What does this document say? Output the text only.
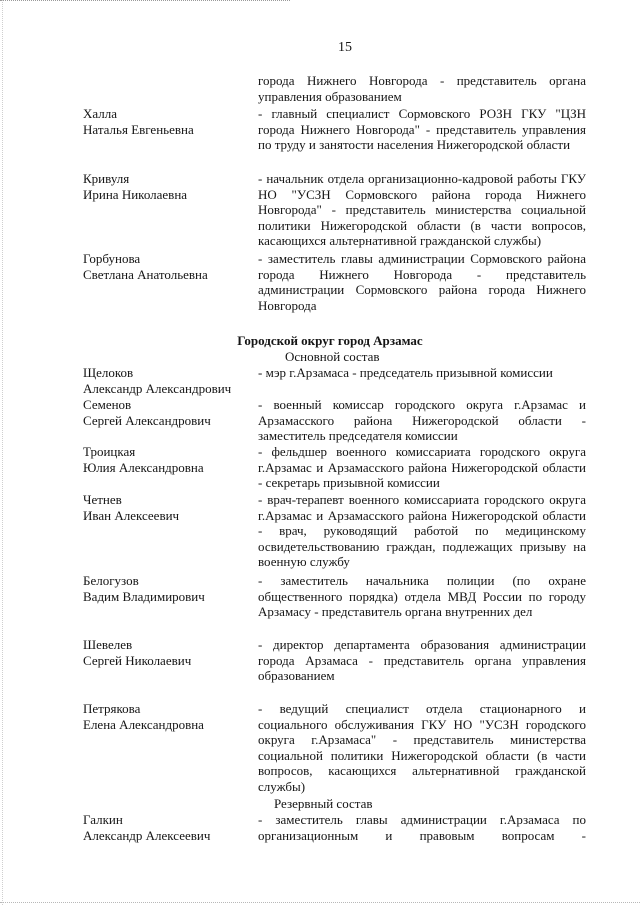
15
города Нижнего Новгорода - представитель органа управления образованием
Халла
Наталья Евгеньевна
- главный специалист Сормовского РОЗН ГКУ "ЦЗН города Нижнего Новгорода" - представитель управления по труду и занятости населения Нижегородской области
Кривуля
Ирина Николаевна
- начальник отдела организационно-кадровой работы ГКУ НО "УСЗН Сормовского района города Нижнего Новгорода" - представитель министерства социальной политики Нижегородской области (в части вопросов, касающихся альтернативной гражданской службы)
Горбунова
Светлана Анатольевна
- заместитель главы администрации Сормовского района города Нижнего Новгорода - представитель администрации Сормовского района города Нижнего Новгорода
Городской округ город Арзамас
Основной состав
Щелоков
Александр Александрович
- мэр г.Арзамаса - председатель призывной комиссии
Семенов
Сергей Александрович
- военный комиссар городского округа г.Арзамас и Арзамасского района Нижегородской области - заместитель председателя комиссии
Троицкая
Юлия Александровна
- фельдшер военного комиссариата городского округа г.Арзамас и Арзамасского района Нижегородской области - секретарь призывной комиссии
Четнев
Иван Алексеевич
- врач-терапевт военного комиссариата городского округа г.Арзамас и Арзамасского района Нижегородской области - врач, руководящий работой по медицинскому освидетельствованию граждан, подлежащих призыву на военную службу
Белогузов
Вадим Владимирович
- заместитель начальника полиции (по охране общественного порядка) отдела МВД России по городу Арзамасу - представитель органа внутренних дел
Шевелев
Сергей Николаевич
- директор департамента образования администрации города Арзамаса - представитель органа управления образованием
Петрякова
Елена Александровна
- ведущий специалист отдела стационарного и социального обслуживания ГКУ НО "УСЗН городского округа г.Арзамаса" - представитель министерства социальной политики Нижегородской области (в части вопросов, касающихся альтернативной гражданской службы)
Резервный состав
Галкин
Александр Алексеевич
- заместитель главы администрации г.Арзамаса по организационным и правовым вопросам -
